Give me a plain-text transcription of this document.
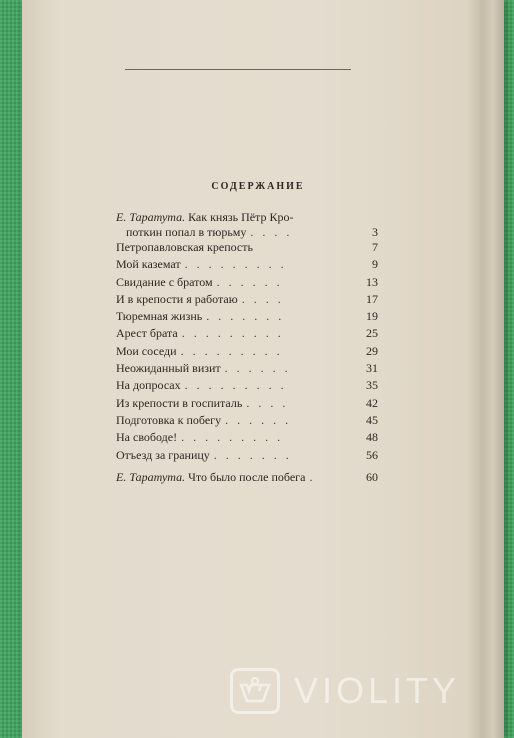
СОДЕРЖАНИЕ
Е. Таратута. Как князь Пётр Кро-
поткин попал в тюрьму . . . .	3
Петропавловская крепость	7
Мой каземат . . . . . . . . .	9
Свидание с братом . . . . . .	13
И в крепости я работаю . . . .	17
Тюремная жизнь . . . . . . .	19
Арест брата . . . . . . . . .	25
Мои соседи . . . . . . . . .	29
Неожиданный визит . . . . . .	31
На допросах . . . . . . . . .	35
Из крепости в госпиталь . . . .	42
Подготовка к побегу . . . . . .	45
На свободе! . . . . . . . . .	48
Отъезд за границу . . . . . . .	56
Е. Таратута. Что было после побега .	60
VIOLITY
